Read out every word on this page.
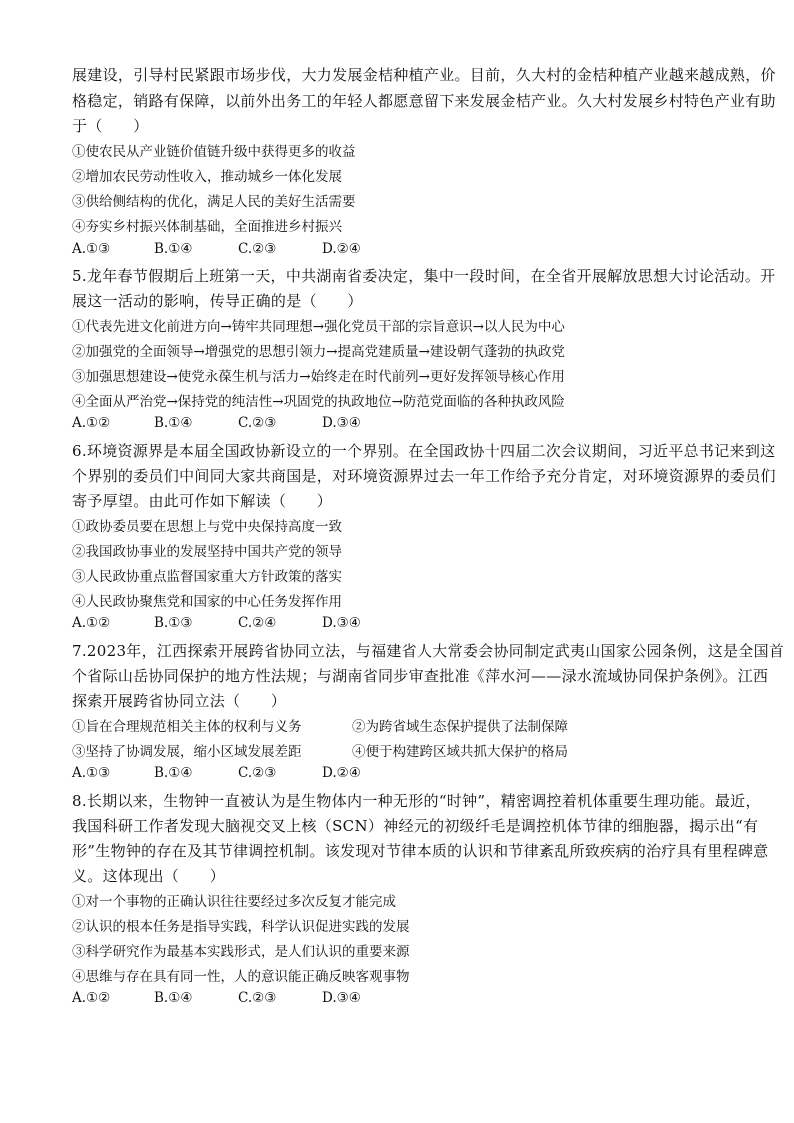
展建设，引导村民紧跟市场步伐，大力发展金桔种植产业。目前，久大村的金桔种植产业越来越成熟，价
格稳定，销路有保障，以前外出务工的年轻人都愿意留下来发展金桔产业。久大村发展乡村特色产业有助
于（　　）
①使农民从产业链价值链升级中获得更多的收益
②增加农民劳动性收入，推动城乡一体化发展
③供给侧结构的优化，满足人民的美好生活需要
④夯实乡村振兴体制基础，全面推进乡村振兴
A.①③	B.①④	C.②③	D.②④
5.龙年春节假期后上班第一天，中共湖南省委决定，集中一段时间，在全省开展解放思想大讨论活动。开
展这一活动的影响，传导正确的是（　　）
①代表先进文化前进方向→铸牢共同理想→强化党员干部的宗旨意识→以人民为中心
②加强党的全面领导→增强党的思想引领力→提高党建质量→建设朝气蓬勃的执政党
③加强思想建设→使党永葆生机与活力→始终走在时代前列→更好发挥领导核心作用
④全面从严治党→保持党的纯洁性→巩固党的执政地位→防范党面临的各种执政风险
A.①②	B.①④	C.②③	D.③④
6.环境资源界是本届全国政协新设立的一个界别。在全国政协十四届二次会议期间，习近平总书记来到这
个界别的委员们中间同大家共商国是，对环境资源界过去一年工作给予充分肯定，对环境资源界的委员们
寄予厚望。由此可作如下解读（　　）
①政协委员要在思想上与党中央保持高度一致
②我国政协事业的发展坚持中国共产党的领导
③人民政协重点监督国家重大方针政策的落实
④人民政协聚焦党和国家的中心任务发挥作用
A.①②	B.①③	C.②④	D.③④
7.2023年，江西探索开展跨省协同立法，与福建省人大常委会协同制定武夷山国家公园条例，这是全国首
个省际山岳协同保护的地方性法规；与湖南省同步审查批准《萍水河——渌水流域协同保护条例》。江西
探索开展跨省协同立法（　　）
①旨在合理规范相关主体的权利与义务	②为跨省域生态保护提供了法制保障
③坚持了协调发展，缩小区域发展差距	④便于构建跨区域共抓大保护的格局
A.①③	B.①④	C.②③	D.②④
8.长期以来，生物钟一直被认为是生物体内一种无形的“时钟”，精密调控着机体重要生理功能。最近，
我国科研工作者发现大脑视交叉上核（SCN）神经元的初级纤毛是调控机体节律的细胞器，揭示出“有
形”生物钟的存在及其节律调控机制。该发现对节律本质的认识和节律紊乱所致疾病的治疗具有里程碑意
义。这体现出（　　）
①对一个事物的正确认识往往要经过多次反复才能完成
②认识的根本任务是指导实践，科学认识促进实践的发展
③科学研究作为最基本实践形式，是人们认识的重要来源
④思维与存在具有同一性，人的意识能正确反映客观事物
A.①②	B.①④	C.②③	D.③④
